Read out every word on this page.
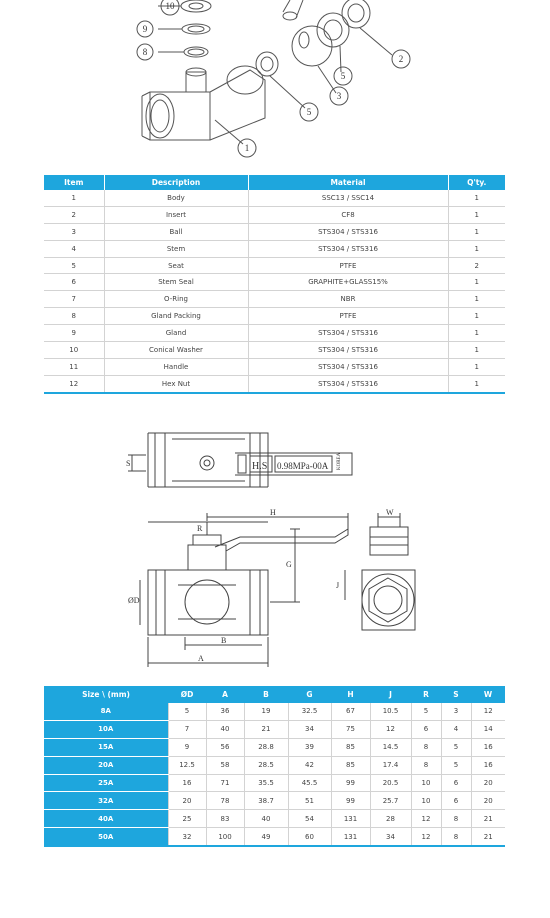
10
9
8
2
5
3
5
1
Item	Description	Material	Q'ty.
1	Body	SSC13 / SSC14	1
2	Insert	CF8	1
3	Ball	STS304 / STS316	1
4	Stem	STS304 / STS316	1
5	Seat	PTFE	2
6	Stem Seal	GRAPHITE+GLASS15%	1
7	O-Ring	NBR	1
8	Gland Packing	PTFE	1
9	Gland	STS304 / STS316	1
10	Conical Washer	STS304 / STS316	1
11	Handle	STS304 / STS316	1
12	Hex Nut	STS304 / STS316	1
H.S 0.98MPa-00A KOREA
S
H	W
G
R
J
ØD
B
A
Size \ (mm)	ØD	A	B	G	H	J	R	S	W
8A	5	36	19	32.5	67	10.5	5	3	12
10A	7	40	21	34	75	12	6	4	14
15A	9	56	28.8	39	85	14.5	8	5	16
20A	12.5	58	28.5	42	85	17.4	8	5	16
25A	16	71	35.5	45.5	99	20.5	10	6	20
32A	20	78	38.7	51	99	25.7	10	6	20
40A	25	83	40	54	131	28	12	8	21
50A	32	100	49	60	131	34	12	8	21
